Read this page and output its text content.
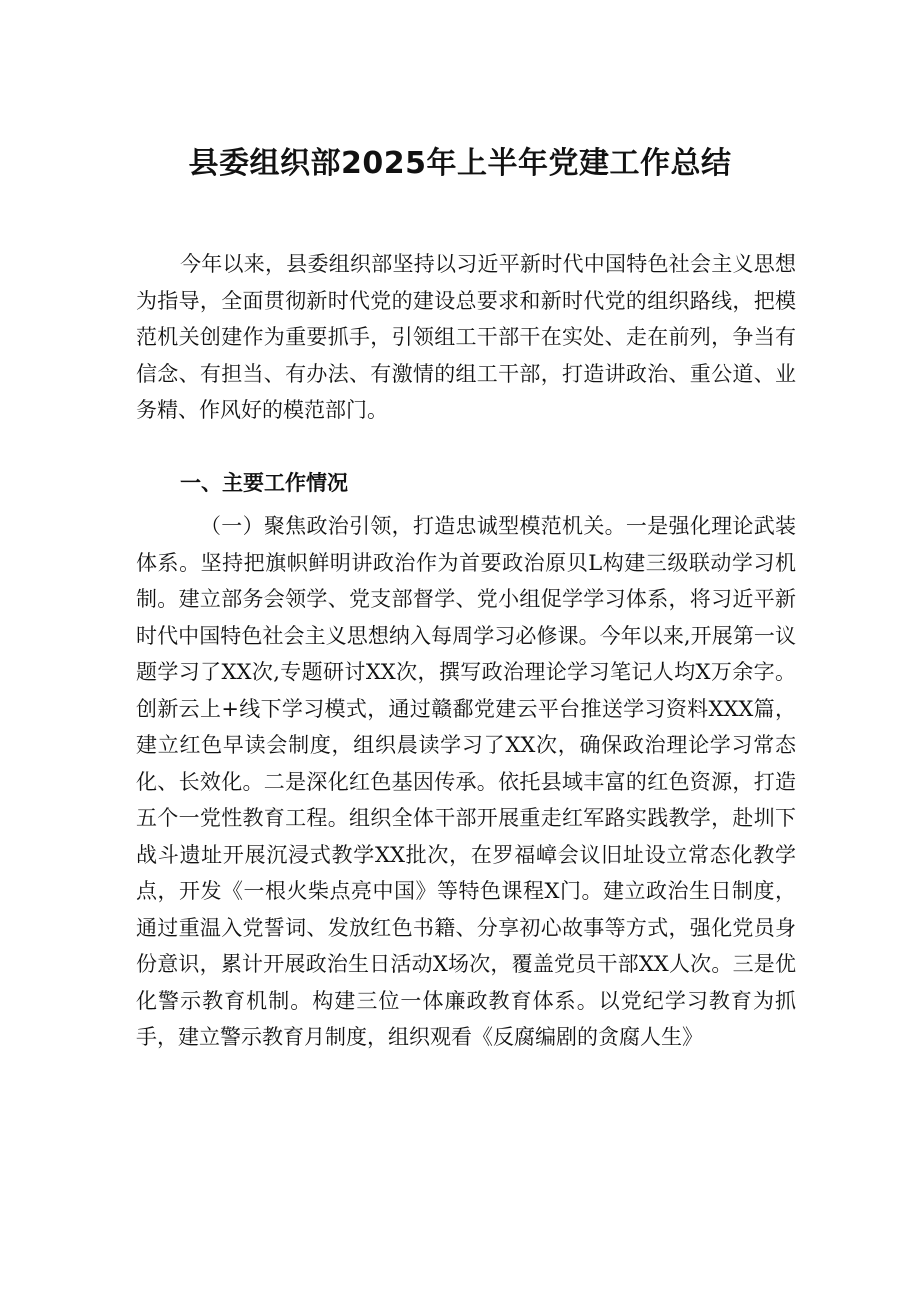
县委组织部2025年上半年党建工作总结

今年以来，县委组织部坚持以习近平新时代中国特色社会主义思想为指导，全面贯彻新时代党的建设总要求和新时代党的组织路线，把模范机关创建作为重要抓手，引领组工干部干在实处、走在前列，争当有信念、有担当、有办法、有激情的组工干部，打造讲政治、重公道、业务精、作风好的模范部门。

一、主要工作情况

（一）聚焦政治引领，打造忠诚型模范机关。一是强化理论武装体系。坚持把旗帜鲜明讲政治作为首要政治原贝L构建三级联动学习机制。建立部务会领学、党支部督学、党小组促学学习体系，将习近平新时代中国特色社会主义思想纳入每周学习必修课。今年以来,开展第一议题学习了XX次,专题研讨XX次，撰写政治理论学习笔记人均X万余字。创新云上+线下学习模式，通过赣鄱党建云平台推送学习资料XXX篇，建立红色早读会制度，组织晨读学习了XX次，确保政治理论学习常态化、长效化。二是深化红色基因传承。依托县域丰富的红色资源，打造五个一党性教育工程。组织全体干部开展重走红军路实践教学，赴圳下战斗遗址开展沉浸式教学XX批次，在罗福嶂会议旧址设立常态化教学点，开发《一根火柴点亮中国》等特色课程X门。建立政治生日制度，通过重温入党誓词、发放红色书籍、分享初心故事等方式，强化党员身份意识，累计开展政治生日活动X场次，覆盖党员干部XX人次。三是优化警示教育机制。构建三位一体廉政教育体系。以党纪学习教育为抓手，建立警示教育月制度，组织观看《反腐编剧的贪腐人生》
